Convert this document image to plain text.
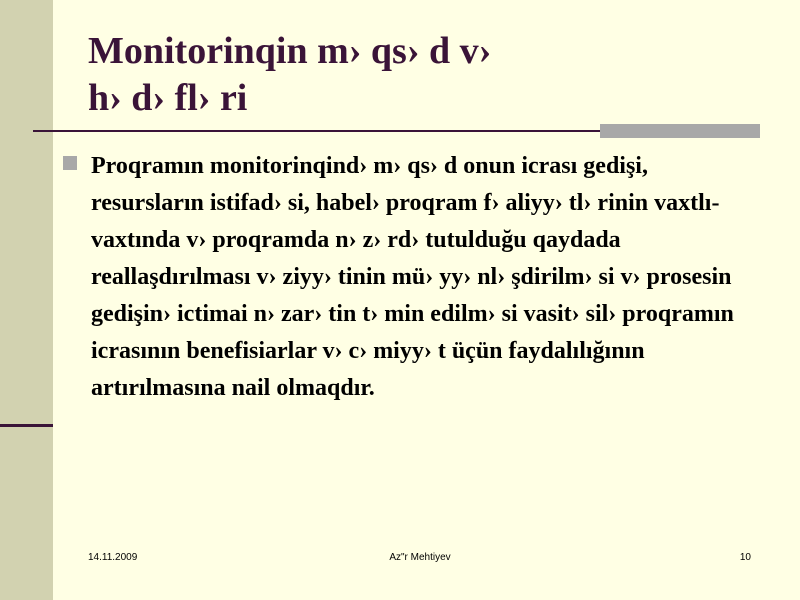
Monitorinqin m› qs› d v›
h› d› fl› ri
Proqramın monitorinqind› m› qs› d onun icrası gedişi, resursların istifad› si, habel› proqram f› aliyy› tl› rinin vaxtlı-vaxtında v› proqramda n› z› rd› tutulduğu qaydada reallaşdırılması v› ziyy› tinin mü› yy› nl› şdirilm› si v› prosesin gedişin› ictimai n› zar› tin t› min edilm› si vasit› sil› proqramın icrasının benefisiarlar v› c› miyy› t üçün faydalılığının artırılmasına nail olmaqdır.
14.11.2009	Az"r Mehtiyev	10
